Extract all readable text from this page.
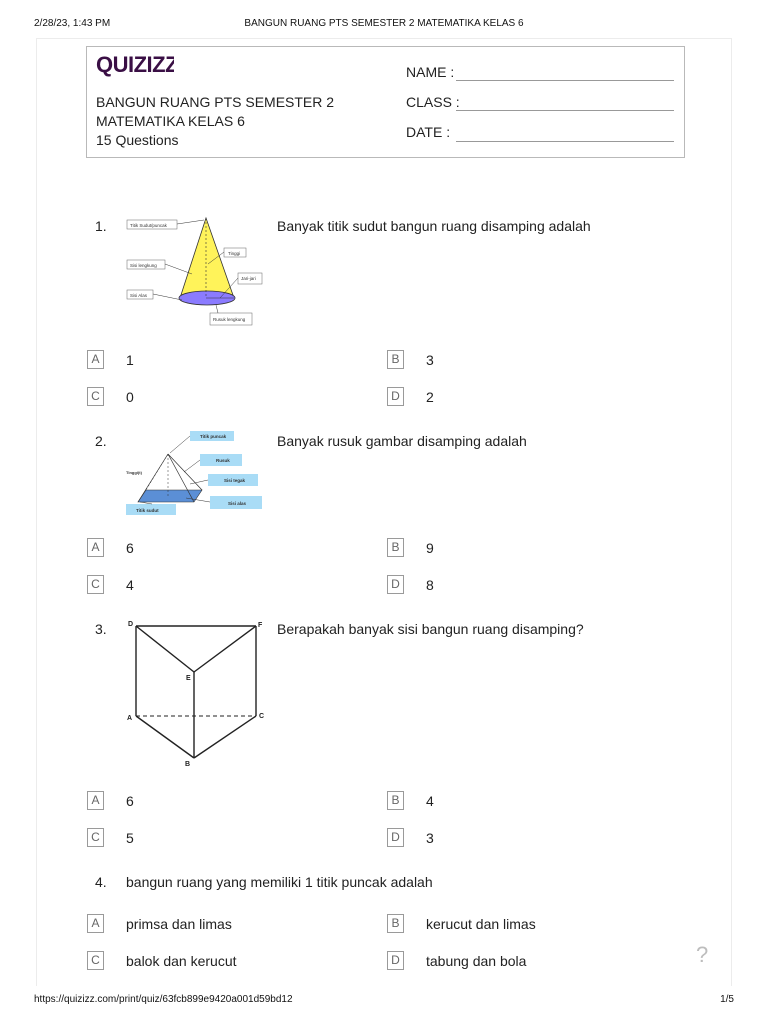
2/28/23, 1:43 PM	BANGUN RUANG PTS SEMESTER 2 MATEMATIKA KELAS 6
https://quizizz.com/print/quiz/63fcb899e9420a001d59bd12	1/5
QUIZIZZ
BANGUN RUANG PTS SEMESTER 2 MATEMATIKA KELAS 6
15 Questions
NAME :
CLASS :
DATE :
1.	Banyak titik sudut bangun ruang disamping adalah
Titik Sudut/puncak
Tinggi
Sisi lengkung
Jari-jari
Sisi Alas
Rusuk lengkung
A	1	B	3
C 0	D 2
2.	Banyak rusuk gambar disamping adalah
Titik puncak
Rusuk
Tinggi(t)
Sisi tegak
Sisi alas
Titik sudut
A	6	B	9
C 4	D 8
3.	Berapakah banyak sisi bangun ruang disamping?
D	F
E
A	C
B
A	6	B	4
C 5	D 3
4. bangun ruang yang memiliki 1 titik puncak adalah
A	primsa dan limas	B	kerucut dan limas
C balok dan kerucut	D tabung dan bola	?
